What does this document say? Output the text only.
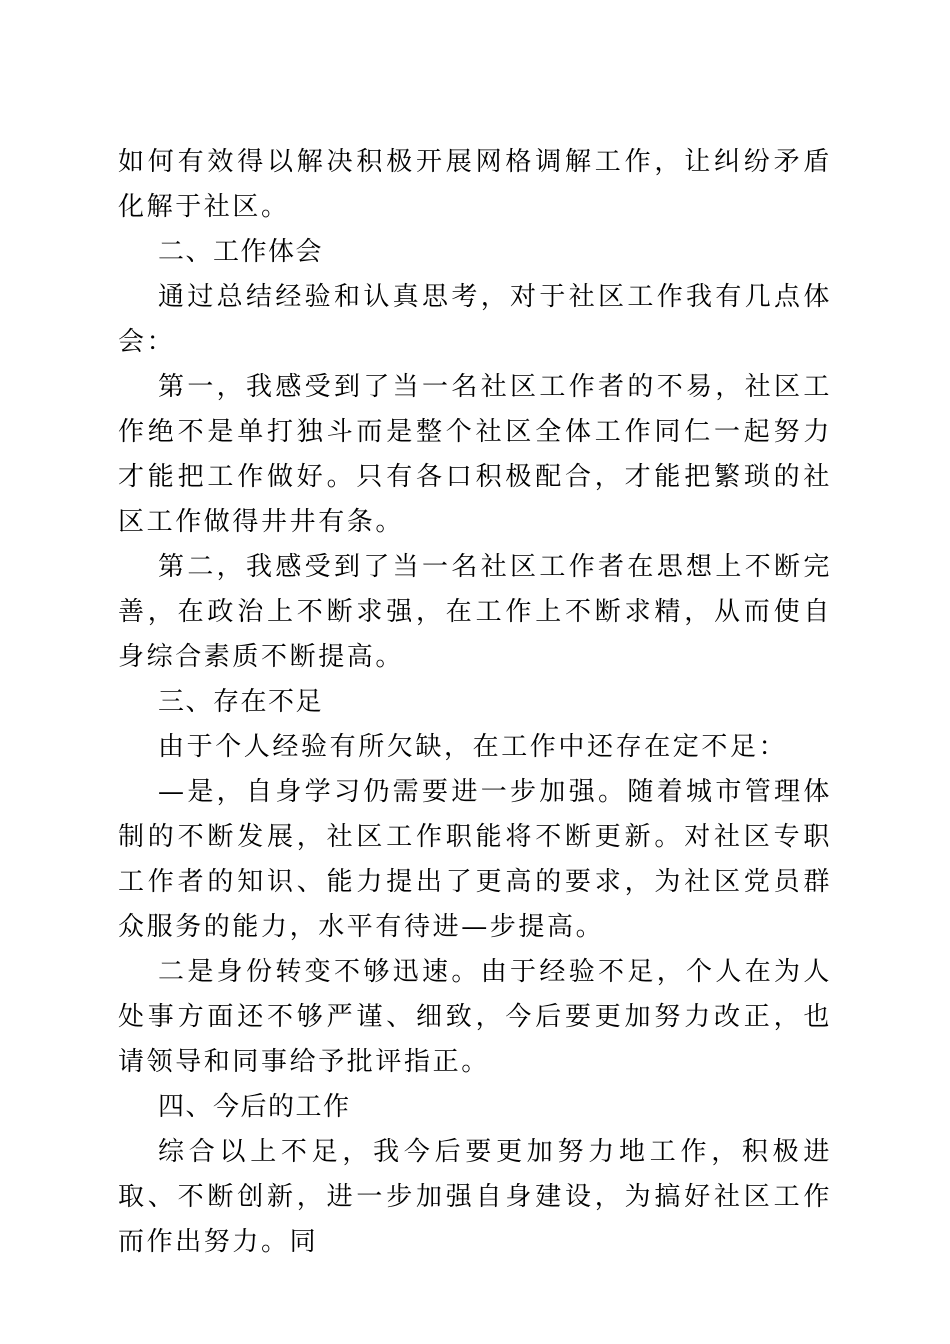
如何有效得以解决积极开展网格调解工作，让纠纷矛盾化解于社区。

二、工作体会

通过总结经验和认真思考，对于社区工作我有几点体会：

第一，我感受到了当一名社区工作者的不易，社区工作绝不是单打独斗而是整个社区全体工作同仁一起努力才能把工作做好。只有各口积极配合，才能把繁琐的社区工作做得井井有条。

第二，我感受到了当一名社区工作者在思想上不断完善，在政治上不断求强，在工作上不断求精，从而使自身综合素质不断提高。

三、存在不足

由于个人经验有所欠缺，在工作中还存在定不足：

—是，自身学习仍需要进一步加强。随着城市管理体制的不断发展，社区工作职能将不断更新。对社区专职工作者的知识、能力提出了更高的要求，为社区党员群众服务的能力，水平有待进—步提高。

二是身份转变不够迅速。由于经验不足，个人在为人处事方面还不够严谨、细致，今后要更加努力改正，也请领导和同事给予批评指正。

四、今后的工作

综合以上不足，我今后要更加努力地工作，积极进取、不断创新，进一步加强自身建设，为搞好社区工作而作出努力。同
